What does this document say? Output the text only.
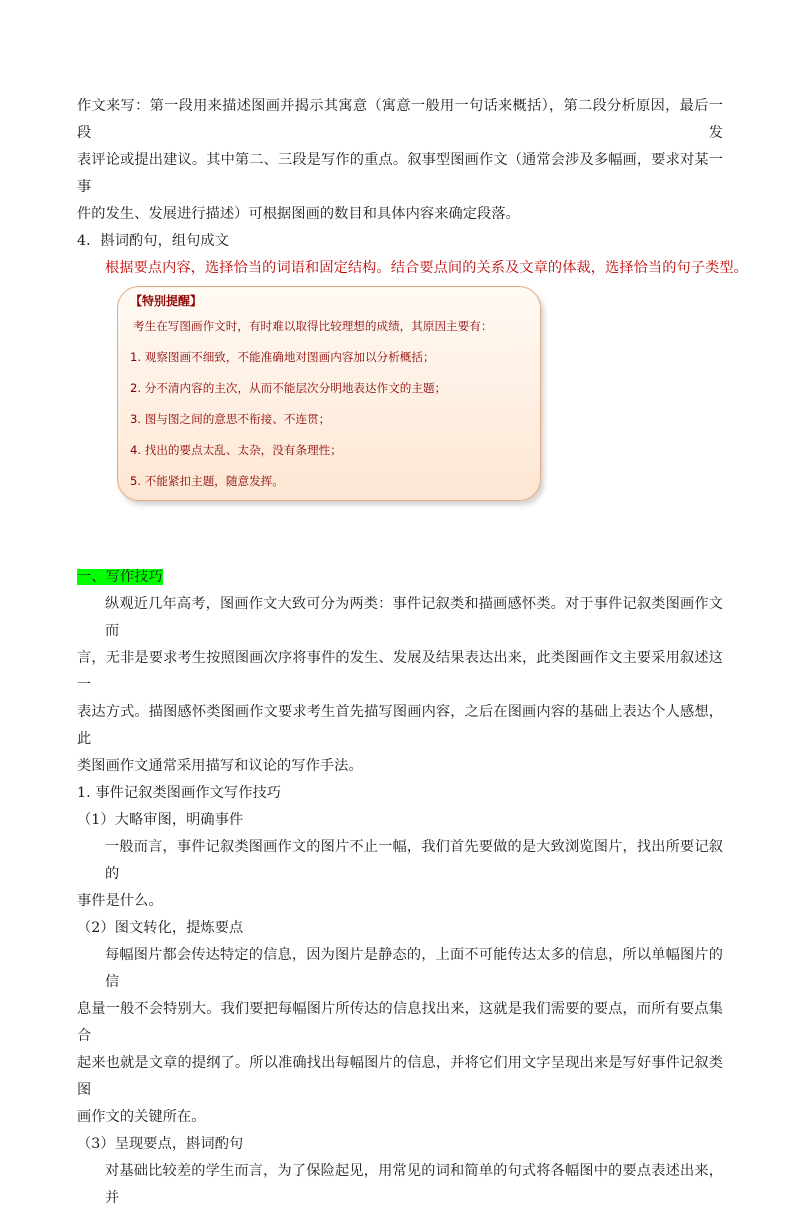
作文来写：第一段用来描述图画并揭示其寓意（寓意一般用一句话来概括），第二段分析原因，最后一段发
表评论或提出建议。其中第二、三段是写作的重点。叙事型图画作文（通常会涉及多幅画，要求对某一事
件的发生、发展进行描述）可根据图画的数目和具体内容来确定段落。
4．斟词酌句，组句成文
根据要点内容，选择恰当的词语和固定结构。结合要点间的关系及文章的体裁，选择恰当的句子类型。
【特别提醒】
考生在写图画作文时，有时难以取得比较理想的成绩，其原因主要有：
1. 观察图画不细致，不能准确地对图画内容加以分析概括；
2. 分不清内容的主次，从而不能层次分明地表达作文的主题；
3. 图与图之间的意思不衔接、不连贯；
4. 找出的要点太乱、太杂，没有条理性；
5. 不能紧扣主题，随意发挥。
一、写作技巧
纵观近几年高考，图画作文大致可分为两类：事件记叙类和描画感怀类。对于事件记叙类图画作文而
言，无非是要求考生按照图画次序将事件的发生、发展及结果表达出来，此类图画作文主要采用叙述这一
表达方式。描图感怀类图画作文要求考生首先描写图画内容，之后在图画内容的基础上表达个人感想，此
类图画作文通常采用描写和议论的写作手法。
1. 事件记叙类图画作文写作技巧
（1）大略审图，明确事件
一般而言，事件记叙类图画作文的图片不止一幅，我们首先要做的是大致浏览图片，找出所要记叙的
事件是什么。
（2）图文转化，提炼要点
每幅图片都会传达特定的信息，因为图片是静态的，上面不可能传达太多的信息，所以单幅图片的信
息量一般不会特别大。我们要把每幅图片所传达的信息找出来，这就是我们需要的要点，而所有要点集合
起来也就是文章的提纲了。所以准确找出每幅图片的信息，并将它们用文字呈现出来是写好事件记叙类图
画作文的关键所在。
（3）呈现要点，斟词酌句
对基础比较差的学生而言，为了保险起见，用常见的词和简单的句式将各幅图中的要点表述出来，并
